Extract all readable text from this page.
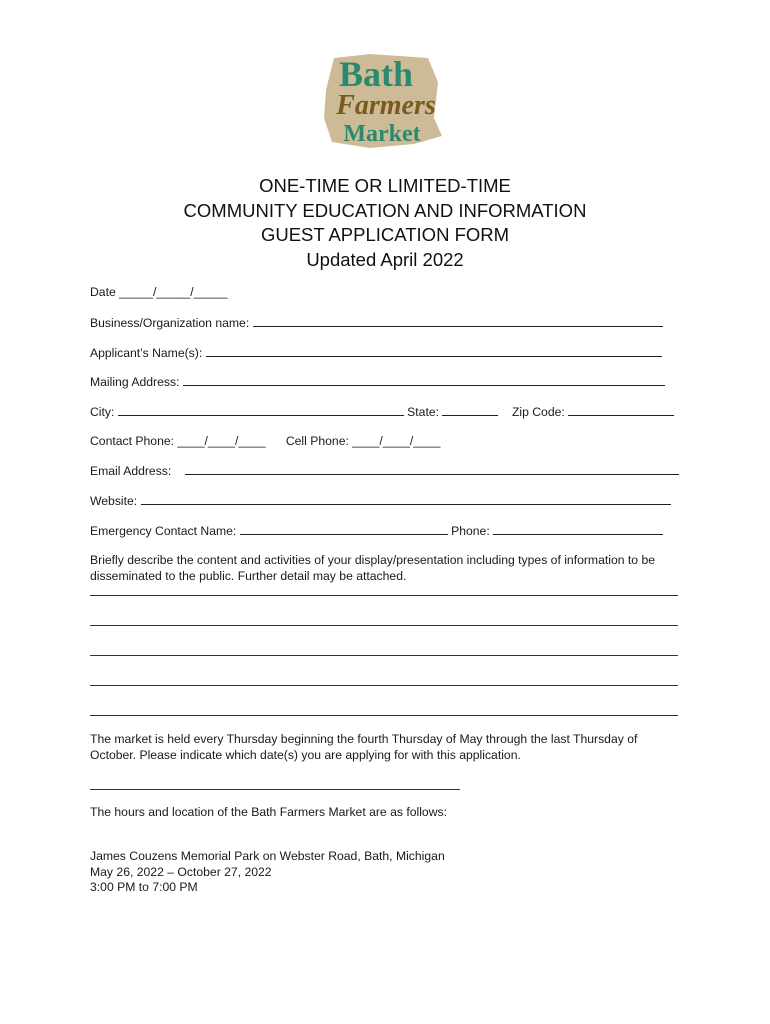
Bath
Farmers
Market
ONE-TIME OR LIMITED-TIME
COMMUNITY EDUCATION AND INFORMATION
GUEST APPLICATION FORM
Updated April 2022
Date _____/_____/_____
Business/Organization name:
Applicant’s Name(s):
Mailing Address:
City:	State:	Zip Code:
Contact Phone: ____/____/____ Cell Phone: ____/____/____
Email Address:
Website:
Emergency Contact Name:	Phone:
Briefly describe the content and activities of your display/presentation including types of information to be
disseminated to the public. Further detail may be attached.
The market is held every Thursday beginning the fourth Thursday of May through the last Thursday of
October. Please indicate which date(s) you are applying for with this application.
The hours and location of the Bath Farmers Market are as follows:
James Couzens Memorial Park on Webster Road, Bath, Michigan
May 26, 2022 – October 27, 2022
3:00 PM to 7:00 PM
